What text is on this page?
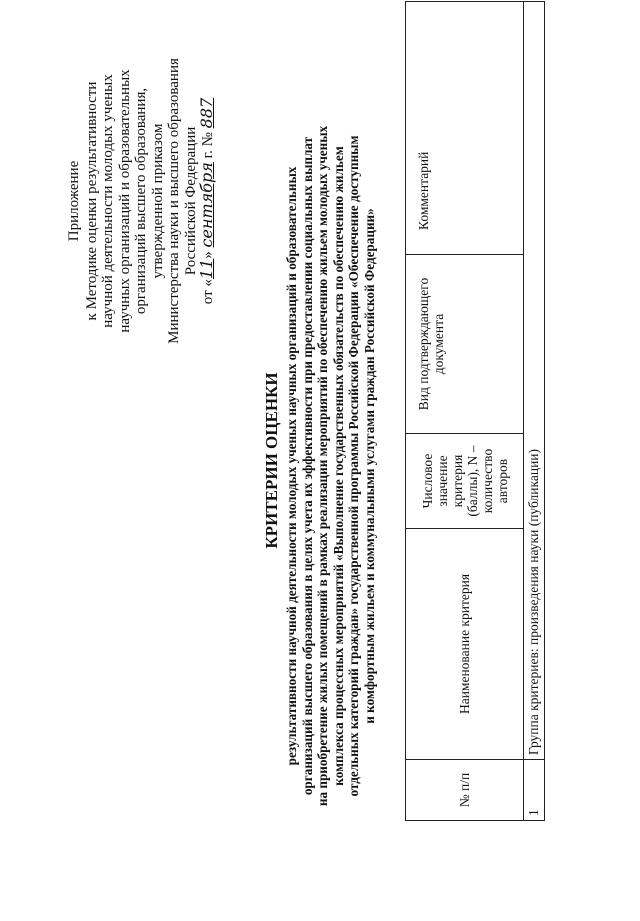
Приложение к Методике оценки результативности научной деятельности молодых ученых научных организаций и образовательных организаций высшего образования, утвержденной приказом Министерства науки и высшего образования Российской Федерации
от «11» сентября г. № 887
КРИТЕРИИ ОЦЕНКИ результативности научной деятельности молодых ученых научных организаций и образовательных организаций высшего образования в целях учета их эффективности при предоставлении социальных выплат на приобретение жилых помещений в рамках реализации мероприятий по обеспечению жильем молодых ученых комплекса процессных мероприятий «Выполнение государственных обязательств по обеспечению жильем отдельных категорий граждан» государственной программы Российской Федерации «Обеспечение доступным и комфортным жильем и коммунальными услугами граждан Российской Федерации»
№ п/п	Наименование критерия	Числовое значение критерия (баллы), N – количество авторов	Вид подтверждающего документа	Комментарий
1	Группа критериев: произведения науки (публикации)			
